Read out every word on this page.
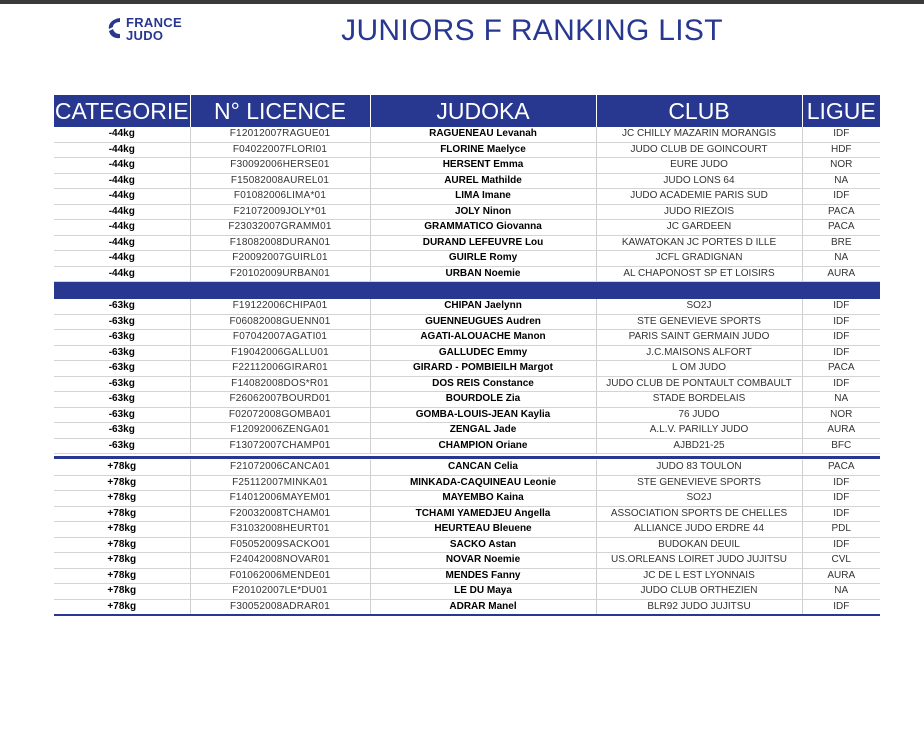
FRANCE
JUDO	JUNIORS F RANKING LIST
CATEGORIE	N° LICENCE	JUDOKA	CLUB	LIGUE
-44kg	F12012007RAGUE01	RAGUENEAU Levanah	JC CHILLY MAZARIN MORANGIS	IDF
-44kg	F04022007FLORI01	FLORINE Maelyce	JUDO CLUB DE GOINCOURT	HDF
-44kg	F30092006HERSE01	HERSENT Emma	EURE JUDO	NOR
-44kg	F15082008AUREL01	AUREL Mathilde	JUDO LONS 64	NA
-44kg	F01082006LIMA*01	LIMA Imane	JUDO ACADEMIE PARIS SUD	IDF
-44kg	F21072009JOLY*01	JOLY Ninon	JUDO RIEZOIS	PACA
-44kg	F23032007GRAMM01	GRAMMATICO Giovanna	JC GARDEEN	PACA
-44kg	F18082008DURAN01	DURAND LEFEUVRE Lou	KAWATOKAN JC PORTES D ILLE	BRE
-44kg	F20092007GUIRL01	GUIRLE Romy	JCFL GRADIGNAN	NA
-44kg	F20102009URBAN01	URBAN Noemie	AL CHAPONOST SP ET LOISIRS	AURA

-63kg	F19122006CHIPA01	CHIPAN Jaelynn	SO2J	IDF
-63kg	F06082008GUENN01	GUENNEUGUES Audren	STE GENEVIEVE SPORTS	IDF
-63kg	F07042007AGATI01	AGATI-ALOUACHE Manon	PARIS SAINT GERMAIN JUDO	IDF
-63kg	F19042006GALLU01	GALLUDEC Emmy	J.C.MAISONS ALFORT	IDF
-63kg	F22112006GIRAR01	GIRARD - POMBIEILH Margot	L OM JUDO	PACA
-63kg	F14082008DOS*R01	DOS REIS Constance	JUDO CLUB DE PONTAULT COMBAULT	IDF
-63kg	F26062007BOURD01	BOURDOLE Zia	STADE BORDELAIS	NA
-63kg	F02072008GOMBA01	GOMBA-LOUIS-JEAN Kaylia	76 JUDO	NOR
-63kg	F12092006ZENGA01	ZENGAL Jade	A.L.V. PARILLY JUDO	AURA
-63kg	F13072007CHAMP01	CHAMPION Oriane	AJBD21-25	BFC

+78kg	F21072006CANCA01	CANCAN Celia	JUDO 83 TOULON	PACA
+78kg	F25112007MINKA01	MINKADA-CAQUINEAU Leonie	STE GENEVIEVE SPORTS	IDF
+78kg	F14012006MAYEM01	MAYEMBO Kaina	SO2J	IDF
+78kg	F20032008TCHAM01	TCHAMI YAMEDJEU Angella	ASSOCIATION SPORTS DE CHELLES	IDF
+78kg	F31032008HEURT01	HEURTEAU Bleuene	ALLIANCE JUDO ERDRE 44	PDL
+78kg	F05052009SACKO01	SACKO Astan	BUDOKAN DEUIL	IDF
+78kg	F24042008NOVAR01	NOVAR Noemie	US.ORLEANS LOIRET JUDO JUJITSU	CVL
+78kg	F01062006MENDE01	MENDES Fanny	JC DE L EST LYONNAIS	AURA
+78kg	F20102007LE*DU01	LE DU Maya	JUDO CLUB ORTHEZIEN	NA
+78kg	F30052008ADRAR01	ADRAR Manel	BLR92 JUDO JUJITSU	IDF
